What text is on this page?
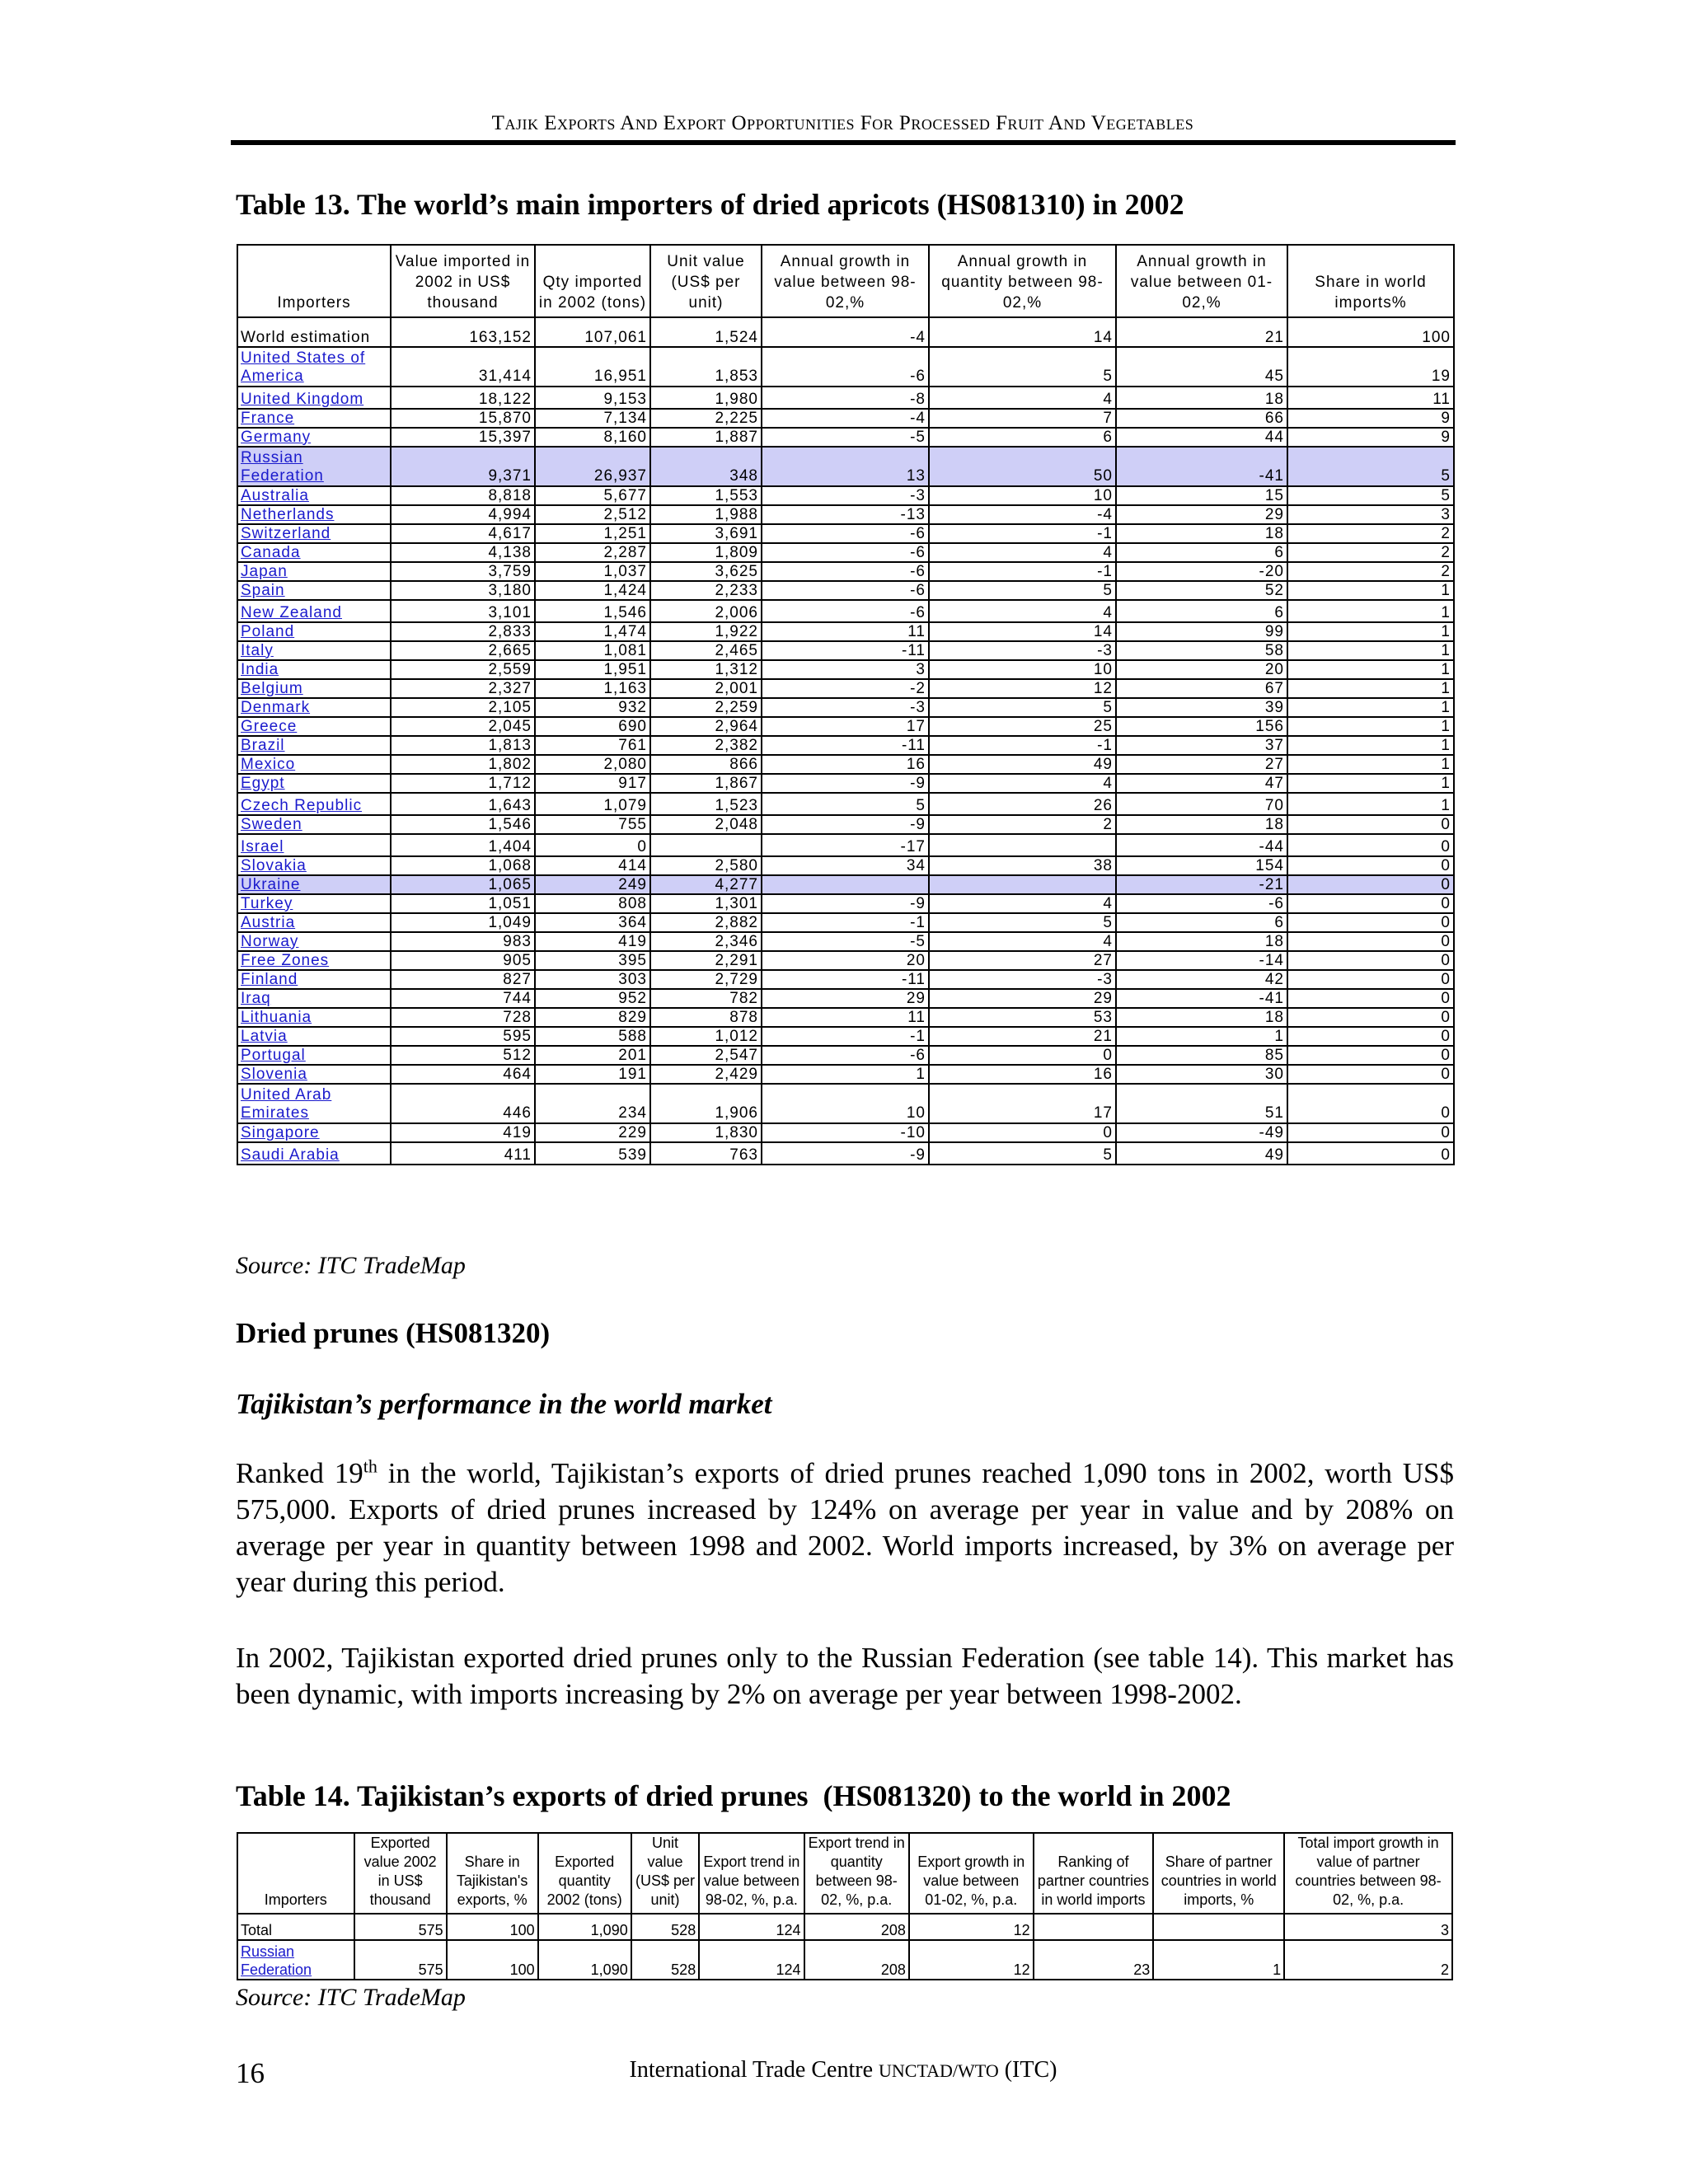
Tajik Exports And Export Opportunities For Processed Fruit And Vegetables
Table 13. The world’s main importers of dried apricots (HS081310) in 2002
Importers	Value imported in 2002 in US$ thousand	Qty imported in 2002 (tons)	Unit value (US$ per unit)	Annual growth in value between 98-02,%	Annual growth in quantity between 98-02,%	Annual growth in value between 01-02,%	Share in world imports%
World estimation	163,152	107,061	1,524	-4	14	21	100

United States of America	31,414	16,951	1,853	-6	5	45	19
United Kingdom	18,122	9,153	1,980	-8	4	18	11
France	15,870	7,134	2,225	-4	7	66	9
Germany	15,397	8,160	1,887	-5	6	44	9

Russian Federation	9,371	26,937	348	13	50	-41	5
Australia	8,818	5,677	1,553	-3	10	15	5
Netherlands	4,994	2,512	1,988	-13	-4	29	3
Switzerland	4,617	1,251	3,691	-6	-1	18	2
Canada	4,138	2,287	1,809	-6	4	6	2
Japan	3,759	1,037	3,625	-6	-1	-20	2
Spain	3,180	1,424	2,233	-6	5	52	1
New Zealand	3,101	1,546	2,006	-6	4	6	1
Poland	2,833	1,474	1,922	11	14	99	1
Italy	2,665	1,081	2,465	-11	-3	58	1
India	2,559	1,951	1,312	3	10	20	1
Belgium	2,327	1,163	2,001	-2	12	67	1
Denmark	2,105	932	2,259	-3	5	39	1
Greece	2,045	690	2,964	17	25	156	1
Brazil	1,813	761	2,382	-11	-1	37	1
Mexico	1,802	2,080	866	16	49	27	1
Egypt	1,712	917	1,867	-9	4	47	1
Czech Republic	1,643	1,079	1,523	5	26	70	1
Sweden	1,546	755	2,048	-9	2	18	0
Israel	1,404	0		-17		-44	0
Slovakia	1,068	414	2,580	34	38	154	0
Ukraine	1,065	249	4,277			-21	0
Turkey	1,051	808	1,301	-9	4	-6	0
Austria	1,049	364	2,882	-1	5	6	0
Norway	983	419	2,346	-5	4	18	0
Free Zones	905	395	2,291	20	27	-14	0
Finland	827	303	2,729	-11	-3	42	0
Iraq	744	952	782	29	29	-41	0
Lithuania	728	829	878	11	53	18	0
Latvia	595	588	1,012	-1	21	1	0
Portugal	512	201	2,547	-6	0	85	0
Slovenia	464	191	2,429	1	16	30	0

United Arab Emirates	446	234	1,906	10	17	51	0
Singapore	419	229	1,830	-10	0	-49	0
Saudi Arabia	411	539	763	-9	5	49	0
Source: ITC TradeMap
Dried prunes (HS081320)
Tajikistan’s performance in the world market
Ranked 19th in the world, Tajikistan’s exports of dried prunes reached 1,090 tons in 2002, worth US$ 575,000. Exports of dried prunes increased by 124% on average per year in value and by 208% on average per year in quantity between 1998 and 2002. World imports increased, by 3% on average per year during this period.
In 2002, Tajikistan exported dried prunes only to the Russian Federation (see table 14). This market has been dynamic, with imports increasing by 2% on average per year between 1998-2002.
Table 14. Tajikistan’s exports of dried prunes  (HS081320) to the world in 2002
Importers	Exported value 2002 in US$ thousand	Share in Tajikistan's exports, %	Exported quantity 2002 (tons)	Unit value (US$ per unit)	Export trend in value between 98-02, %, p.a.	Export trend in quantity between 98-02, %, p.a.	Export growth in value between 01-02, %, p.a.	Ranking of partner countries in world imports	Share of partner countries in world imports, %	Total import growth in value of partner countries between 98-02, %, p.a.
Total	575	100	1,090	528	124	208	12			3

Russian Federation	575	100	1,090	528	124	208	12	23	1	2
Source: ITC TradeMap
16	International Trade Centre UNCTAD/WTO (ITC)
